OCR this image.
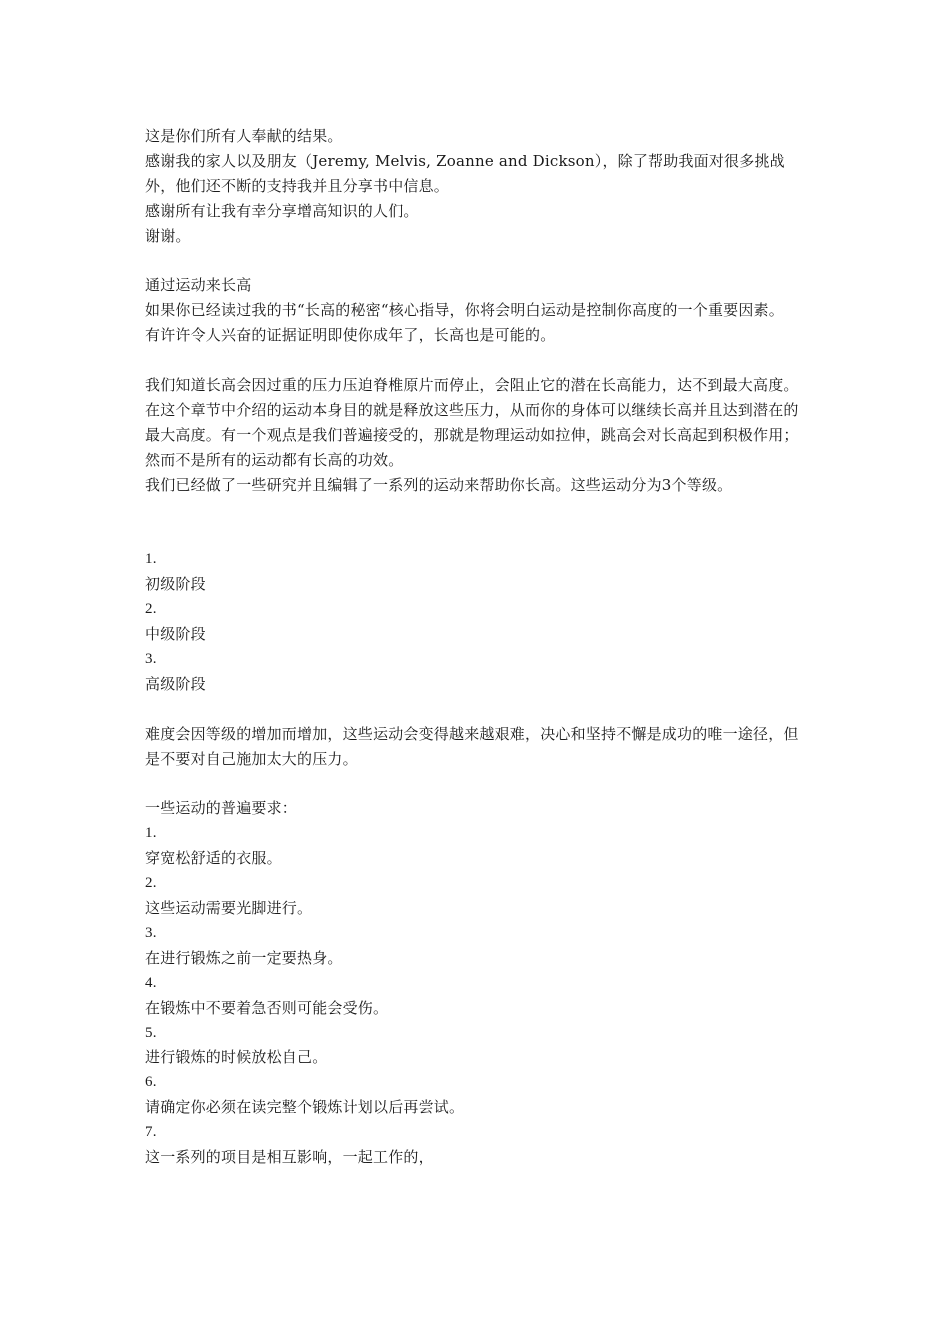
这是你们所有人奉献的结果。

感谢我的家人以及朋友（Jeremy, Melvis, Zoanne and Dickson），除了帮助我面对很多挑战外，他们还不断的支持我并且分享书中信息。

感谢所有让我有幸分享增高知识的人们。

谢谢。

通过运动来长高

如果你已经读过我的书“长高的秘密“核心指导，你将会明白运动是控制你高度的一个重要因素。

有许许令人兴奋的证据证明即使你成年了，长高也是可能的。

我们知道长高会因过重的压力压迫脊椎原片而停止，会阻止它的潜在长高能力，达不到最大高度。

在这个章节中介绍的运动本身目的就是释放这些压力，从而你的身体可以继续长高并且达到潜在的最大高度。有一个观点是我们普遍接受的，那就是物理运动如拉伸，跳高会对长高起到积极作用；然而不是所有的运动都有长高的功效。

我们已经做了一些研究并且编辑了一系列的运动来帮助你长高。这些运动分为3个等级。

1.

初级阶段

2.

中级阶段

3.

高级阶段

难度会因等级的增加而增加，这些运动会变得越来越艰难，决心和坚持不懈是成功的唯一途径，但是不要对自己施加太大的压力。

一些运动的普遍要求：

1.

穿宽松舒适的衣服。

2.

这些运动需要光脚进行。

3.

在进行锻炼之前一定要热身。

4.

在锻炼中不要着急否则可能会受伤。

5.

进行锻炼的时候放松自己。

6.

请确定你必须在读完整个锻炼计划以后再尝试。

7.

这一系列的项目是相互影响，一起工作的，
